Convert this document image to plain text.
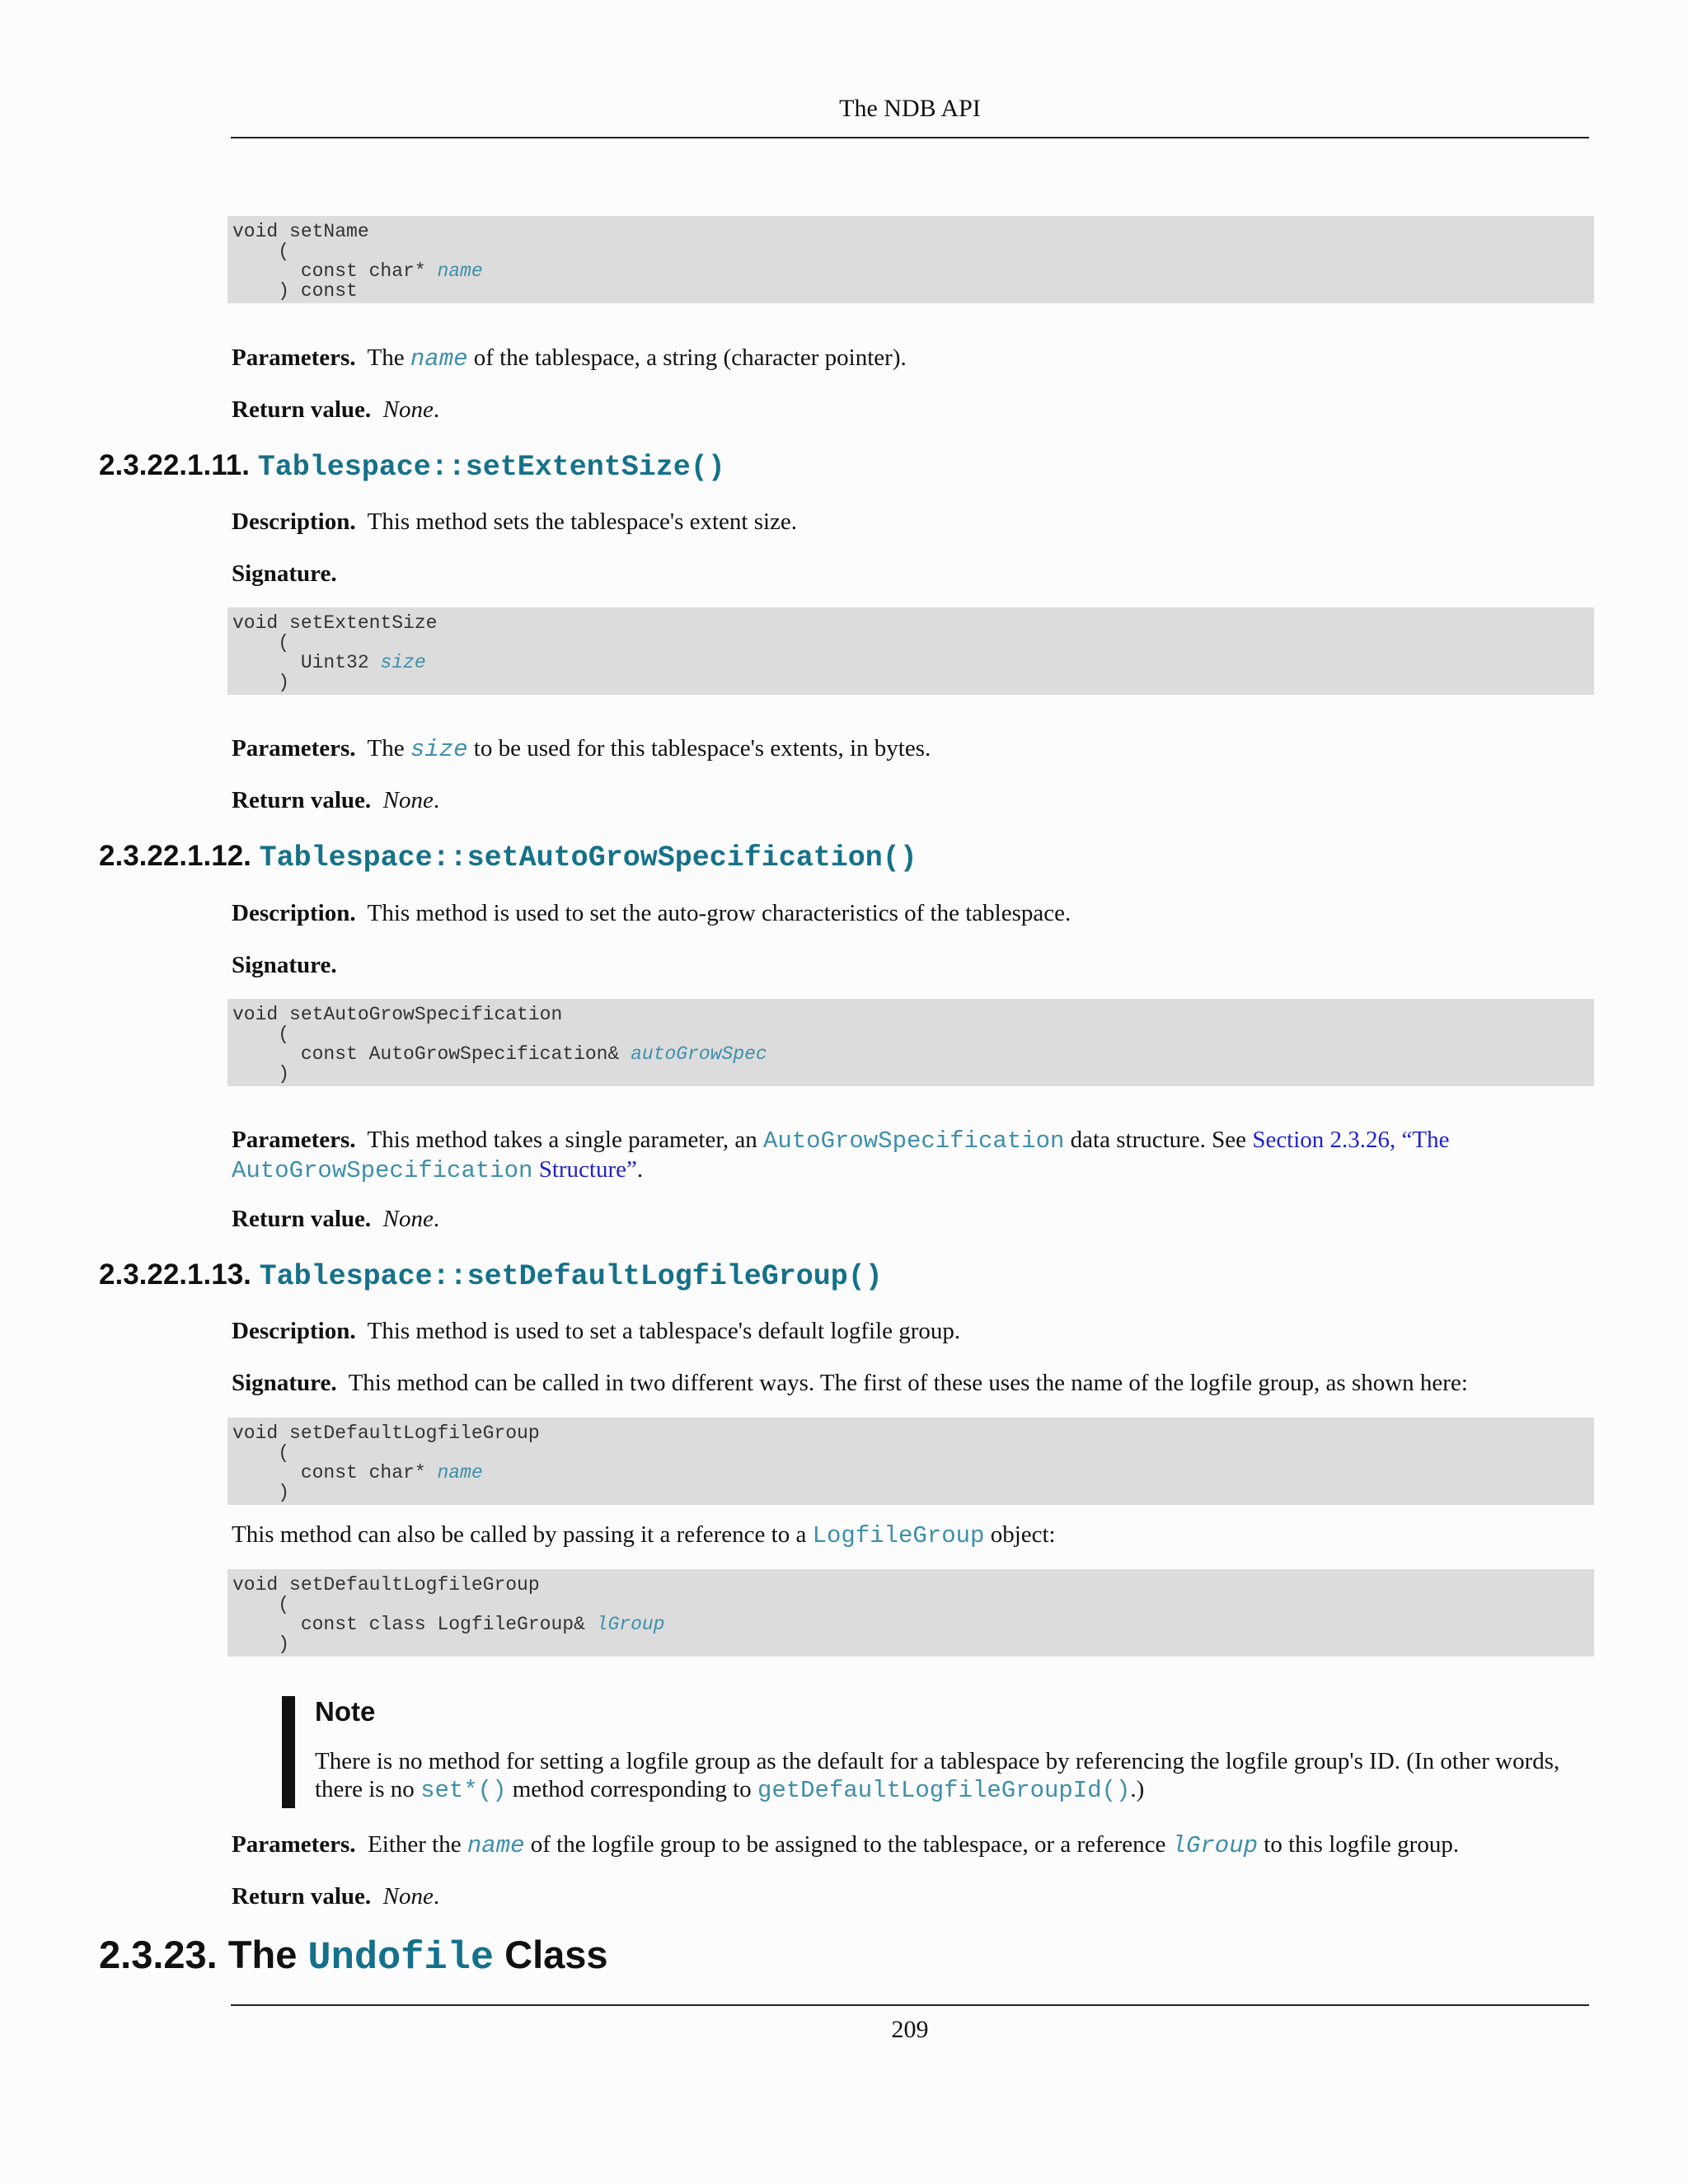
The NDB API
void setName
(
const char* name
) const
Parameters. The name of the tablespace, a string (character pointer).
Return value. None.
2.3.22.1.11. Tablespace::setExtentSize()
Description. This method sets the tablespace's extent size.
Signature.
void setExtentSize
(
Uint32 size
)
Parameters. The size to be used for this tablespace's extents, in bytes.
Return value. None.
2.3.22.1.12. Tablespace::setAutoGrowSpecification()
Description. This method is used to set the auto-grow characteristics of the tablespace.
Signature.
void setAutoGrowSpecification
(
const AutoGrowSpecification& autoGrowSpec
)
Parameters. This method takes a single parameter, an AutoGrowSpecification data structure. See Section 2.3.26, “The
AutoGrowSpecification Structure”.
Return value. None.
2.3.22.1.13. Tablespace::setDefaultLogfileGroup()
Description. This method is used to set a tablespace's default logfile group.
Signature. This method can be called in two different ways. The first of these uses the name of the logfile group, as shown here:
void setDefaultLogfileGroup
(
const char* name
)
This method can also be called by passing it a reference to a LogfileGroup object:
void setDefaultLogfileGroup
(
const class LogfileGroup& lGroup
)
Note
There is no method for setting a logfile group as the default for a tablespace by referencing the logfile group's ID. (In other words, there is no set*() method corresponding to getDefaultLogfileGroupId().)
Parameters. Either the name of the logfile group to be assigned to the tablespace, or a reference lGroup to this logfile group.
Return value. None.
2.3.23. The Undofile Class
209
